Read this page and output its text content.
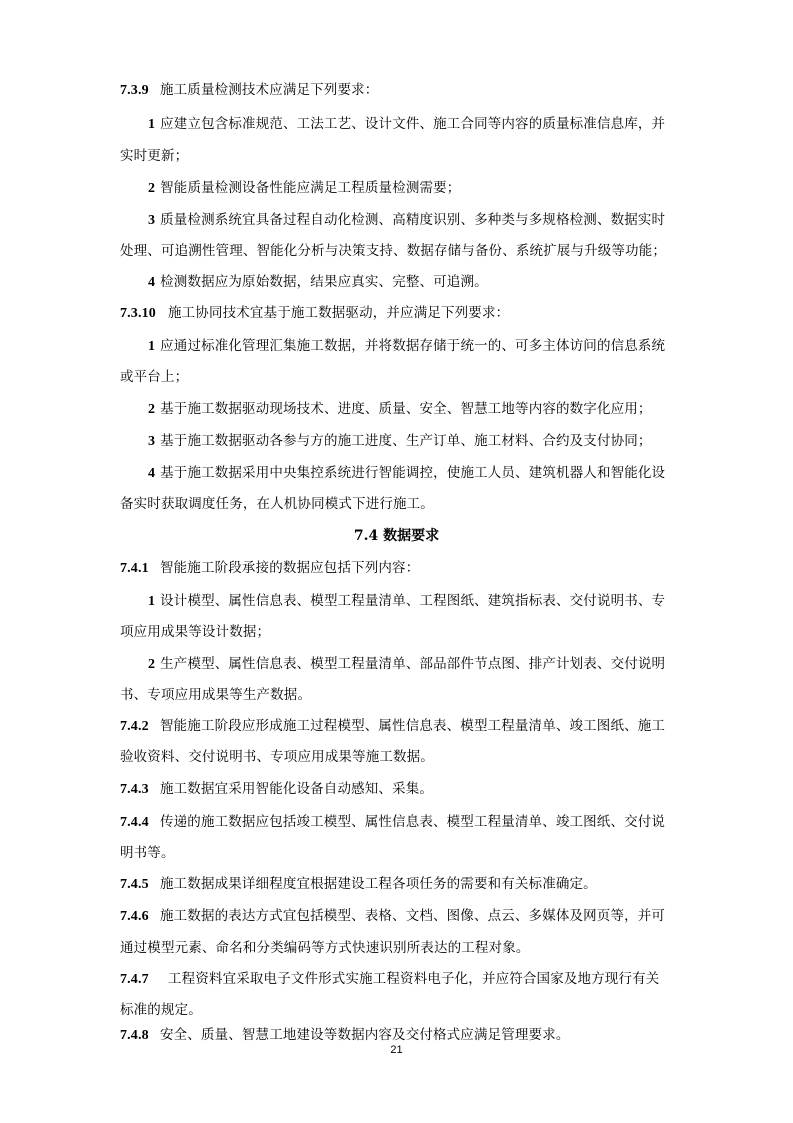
7.3.9 施工质量检测技术应满足下列要求：
1 应建立包含标准规范、工法工艺、设计文件、施工合同等内容的质量标准信息库，并
实时更新；
2 智能质量检测设备性能应满足工程质量检测需要；
3 质量检测系统宜具备过程自动化检测、高精度识别、多种类与多规格检测、数据实时
处理、可追溯性管理、智能化分析与决策支持、数据存储与备份、系统扩展与升级等功能；
4 检测数据应为原始数据，结果应真实、完整、可追溯。
7.3.10 施工协同技术宜基于施工数据驱动，并应满足下列要求：
1 应通过标准化管理汇集施工数据，并将数据存储于统一的、可多主体访问的信息系统
或平台上；
2 基于施工数据驱动现场技术、进度、质量、安全、智慧工地等内容的数字化应用；
3 基于施工数据驱动各参与方的施工进度、生产订单、施工材料、合约及支付协同；
4 基于施工数据采用中央集控系统进行智能调控，使施工人员、建筑机器人和智能化设
备实时获取调度任务，在人机协同模式下进行施工。
7.4 数据要求
7.4.1 智能施工阶段承接的数据应包括下列内容：
1 设计模型、属性信息表、模型工程量清单、工程图纸、建筑指标表、交付说明书、专
项应用成果等设计数据；
2 生产模型、属性信息表、模型工程量清单、部品部件节点图、排产计划表、交付说明
书、专项应用成果等生产数据。
7.4.2 智能施工阶段应形成施工过程模型、属性信息表、模型工程量清单、竣工图纸、施工
验收资料、交付说明书、专项应用成果等施工数据。
7.4.3 施工数据宜采用智能化设备自动感知、采集。
7.4.4 传递的施工数据应包括竣工模型、属性信息表、模型工程量清单、竣工图纸、交付说
明书等。
7.4.5 施工数据成果详细程度宜根据建设工程各项任务的需要和有关标准确定。
7.4.6 施工数据的表达方式宜包括模型、表格、文档、图像、点云、多媒体及网页等，并可
通过模型元素、命名和分类编码等方式快速识别所表达的工程对象。
7.4.7 工程资料宜采取电子文件形式实施工程资料电子化，并应符合国家及地方现行有关
标准的规定。
7.4.8 安全、质量、智慧工地建设等数据内容及交付格式应满足管理要求。
21
